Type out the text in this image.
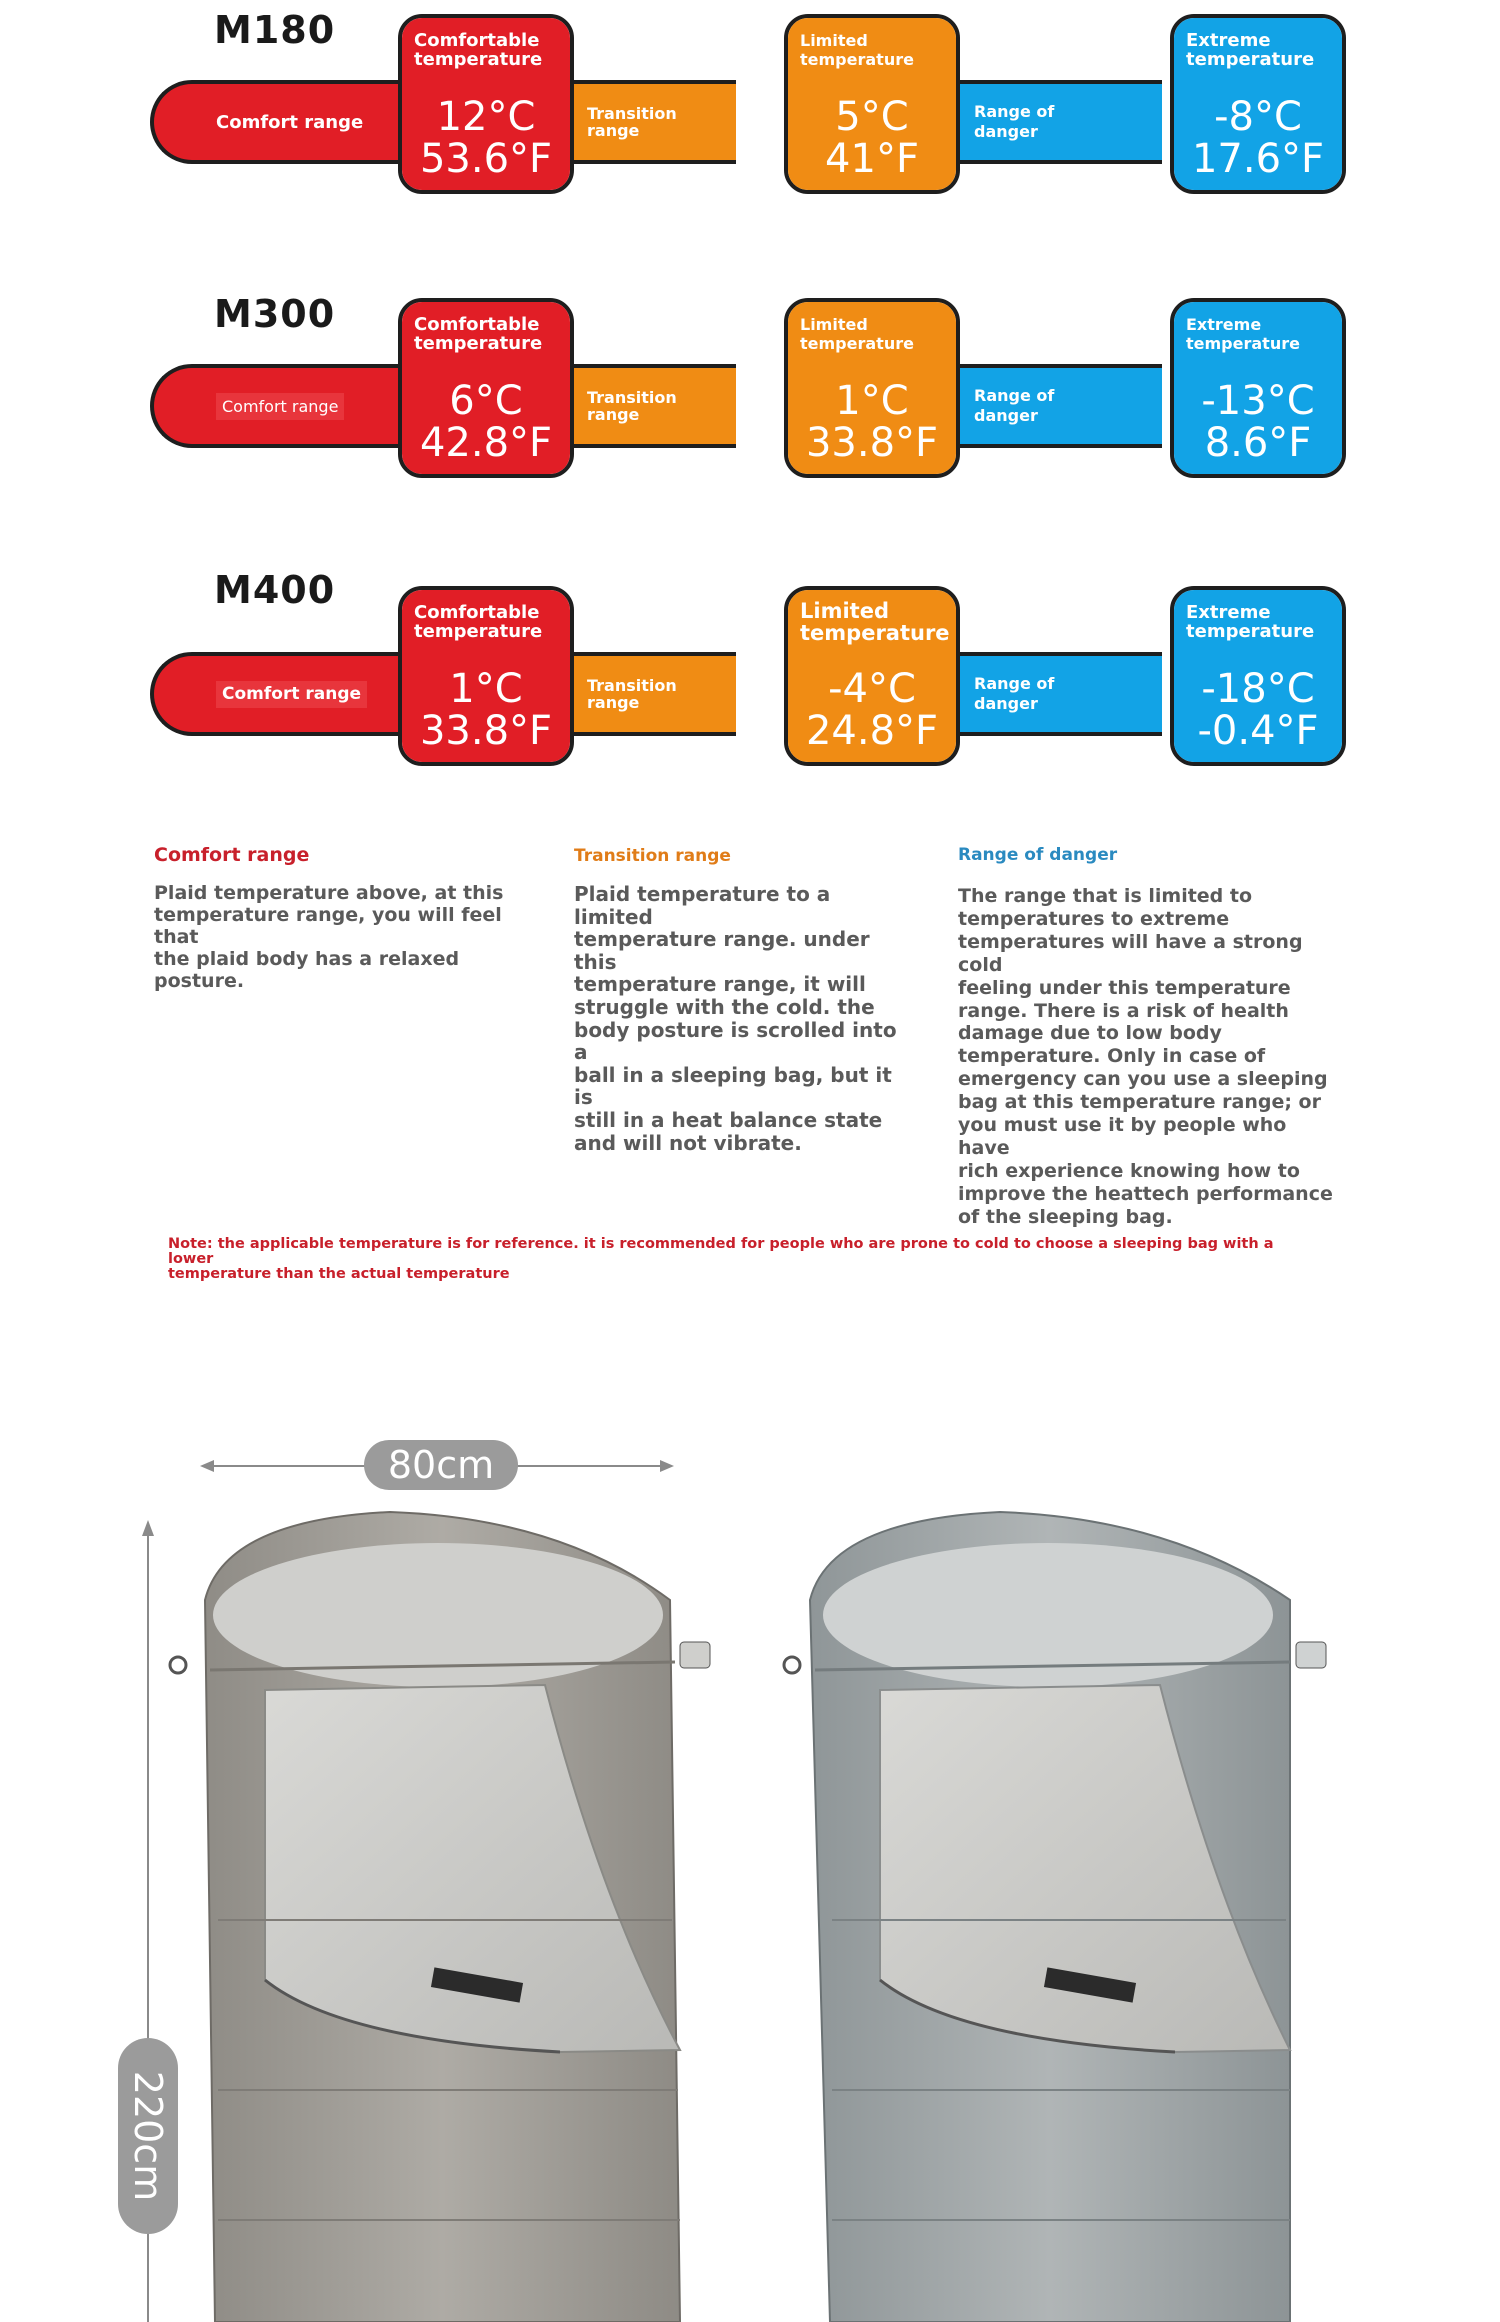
M180
Comfort range	Transition
range
Range of
danger
Comfortable
temperature
12°C
53.6°F
Limited
temperature
5°C
41°F
Extreme
temperature
-8°C
17.6°F
M300
Comfort range	Transition
range
Range of
danger
Comfortable
temperature
6°C
42.8°F
Limited
temperature
1°C
33.8°F
Extreme
temperature
-13°C
8.6°F
M400
Comfort range	Transition
range
Range of
danger
Comfortable
temperature
1°C
33.8°F
Limited
temperature
-4°C
24.8°F
Extreme
temperature
-18°C
-0.4°F
Comfort range
Plaid temperature above, at this
temperature range, you will feel that
the plaid body has a relaxed posture.
Transition range
Plaid temperature to a limited
temperature range. under this
temperature range, it will
struggle with the cold. the
body posture is scrolled into a
ball in a sleeping bag, but it is
still in a heat balance state
and will not vibrate.
Range of danger
The range that is limited to
temperatures to extreme
temperatures will have a strong cold
feeling under this temperature
range. There is a risk of health
damage due to low body
temperature. Only in case of
emergency can you use a sleeping
bag at this temperature range; or
you must use it by people who have
rich experience knowing how to
improve the heattech performance
of the sleeping bag.
Note: the applicable temperature is for reference. it is recommended for people who are prone to cold to choose a sleeping bag with a lower
temperature than the actual temperature
80cm
220cm
